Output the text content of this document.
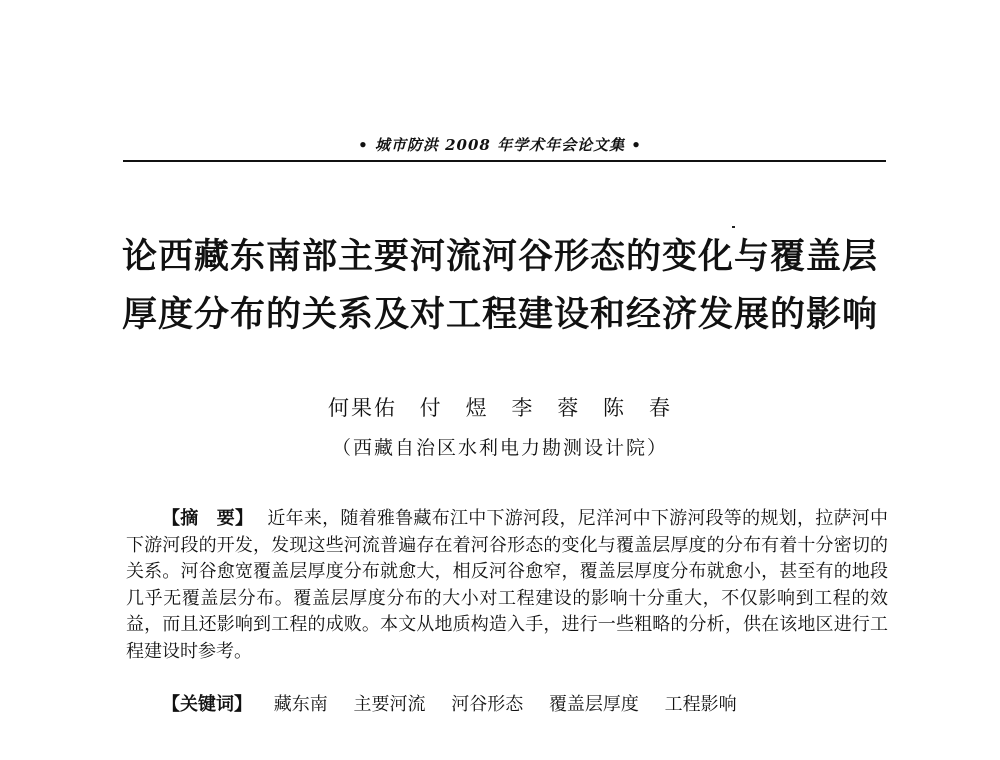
• 城市防洪 2008 年学术年会论文集 •
论西藏东南部主要河流河谷形态的变化与覆盖层
厚度分布的关系及对工程建设和经济发展的影响
何果佑 付　煜 李　蓉 陈　春
（西藏自治区水利电力勘测设计院）
【摘　要】 近年来，随着雅鲁藏布江中下游河段，尼洋河中下游河段等的规划，拉萨河中下游河段的开发，发现这些河流普遍存在着河谷形态的变化与覆盖层厚度的分布有着十分密切的关系。河谷愈宽覆盖层厚度分布就愈大，相反河谷愈窄，覆盖层厚度分布就愈小，甚至有的地段几乎无覆盖层分布。覆盖层厚度分布的大小对工程建设的影响十分重大，不仅影响到工程的效益，而且还影响到工程的成败。本文从地质构造入手，进行一些粗略的分析，供在该地区进行工程建设时参考。
【关键词】 藏东南 主要河流 河谷形态 覆盖层厚度 工程影响
